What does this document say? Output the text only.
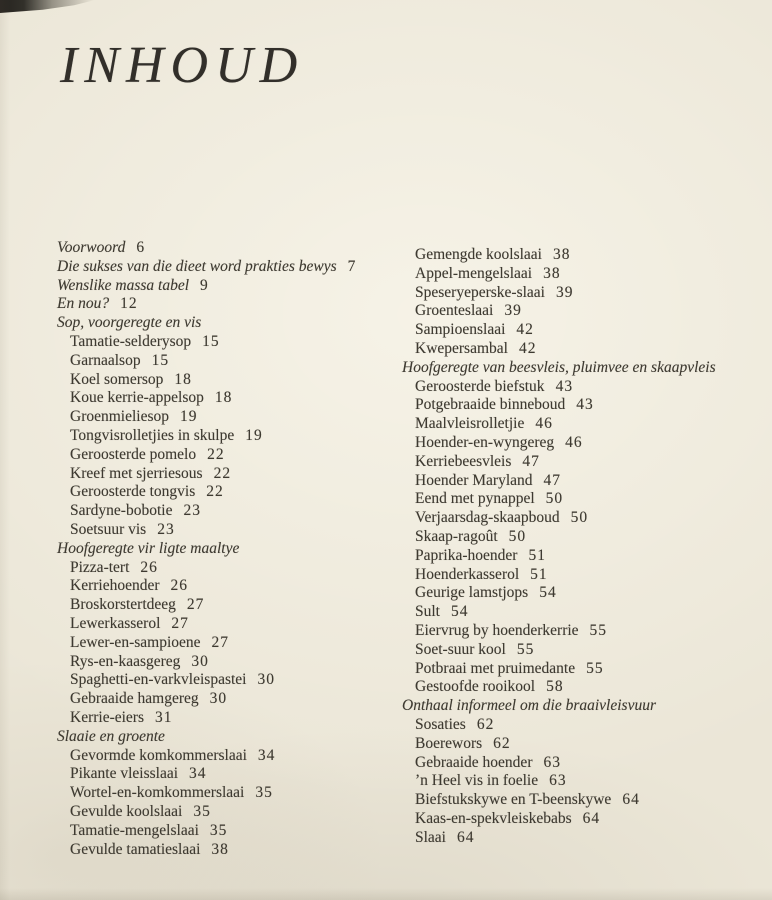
INHOUD
Voorwoord 6
Die sukses van die dieet word prakties bewys 7
Wenslike massa tabel 9
En nou? 12
Sop, voorgeregte en vis
Tamatie-selderysop 15
Garnaalsop 15
Koel somersop 18
Koue kerrie-appelsop 18
Groenmieliesop 19
Tongvisrolletjies in skulpe 19
Geroosterde pomelo 22
Kreef met sjerriesous 22
Geroosterde tongvis 22
Sardyne-bobotie 23
Soetsuur vis 23
Hoofgeregte vir ligte maaltye
Pizza-tert 26
Kerriehoender 26
Broskorstertdeeg 27
Lewerkasserol 27
Lewer-en-sampioene 27
Rys-en-kaasgereg 30
Spaghetti-en-varkvleispastei 30
Gebraaide hamgereg 30
Kerrie-eiers 31
Slaaie en groente
Gevormde komkommerslaai 34
Pikante vleisslaai 34
Wortel-en-komkommerslaai 35
Gevulde koolslaai 35
Tamatie-mengelslaai 35
Gevulde tamatieslaai 38
Gemengde koolslaai 38
Appel-mengelslaai 38
Speseryeperske-slaai 39
Groenteslaai 39
Sampioenslaai 42
Kwepersambal 42
Hoofgeregte van beesvleis, pluimvee en skaapvleis
Geroosterde biefstuk 43
Potgebraaide binneboud 43
Maalvleisrolletjie 46
Hoender-en-wyngereg 46
Kerriebeesvleis 47
Hoender Maryland 47
Eend met pynappel 50
Verjaarsdag-skaapboud 50
Skaap-ragoût 50
Paprika-hoender 51
Hoenderkasserol 51
Geurige lamstjops 54
Sult 54
Eiervrug by hoenderkerrie 55
Soet-suur kool 55
Potbraai met pruimedante 55
Gestoofde rooikool 58
Onthaal informeel om die braaivleisvuur
Sosaties 62
Boerewors 62
Gebraaide hoender 63
’n Heel vis in foelie 63
Biefstukskywe en T-beenskywe 64
Kaas-en-spekvleiskebabs 64
Slaai 64
